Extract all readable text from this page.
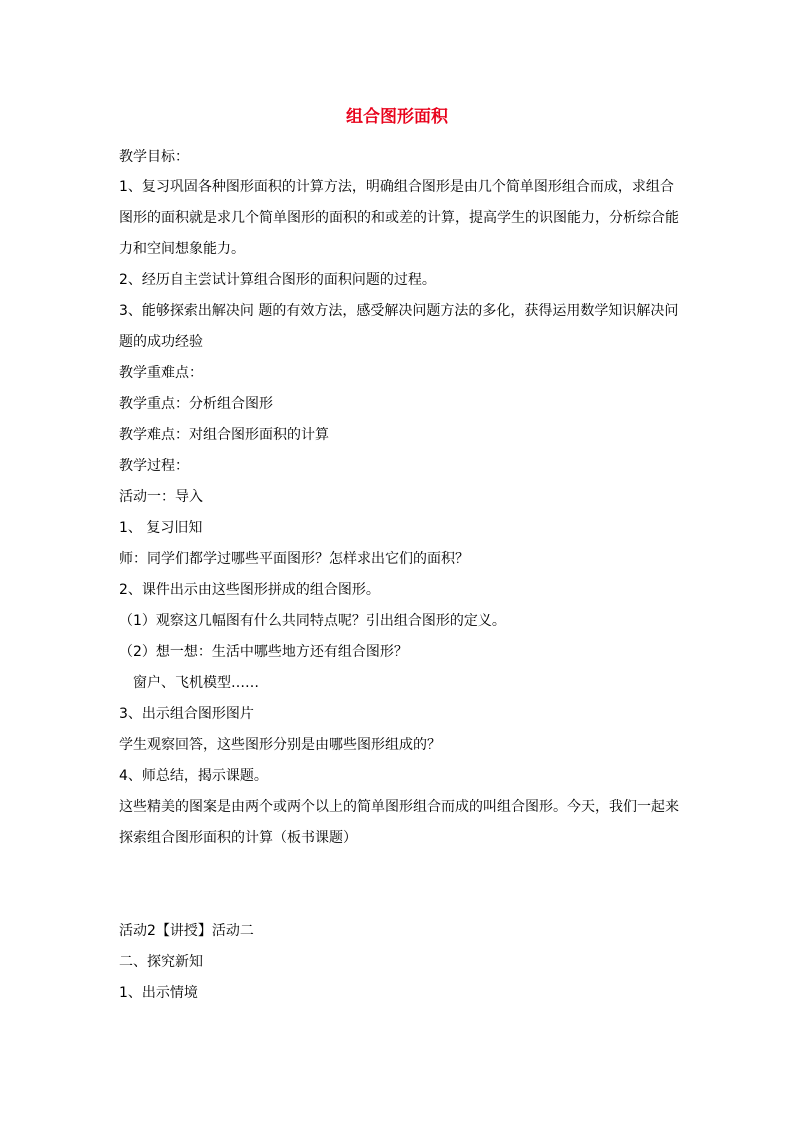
组合图形面积
教学目标：
1、复习巩固各种图形面积的计算方法，明确组合图形是由几个简单图形组合而成，求组合
图形的面积就是求几个简单图形的面积的和或差的计算，提高学生的识图能力，分析综合能
力和空间想象能力。
2、经历自主尝试计算组合图形的面积问题的过程。
3、能够探索出解决问 题的有效方法，感受解决问题方法的多化，获得运用数学知识解决问
题的成功经验
教学重难点：
教学重点：分析组合图形
教学难点：对组合图形面积的计算
教学过程：
活动一：导入
1、 复习旧知
师：同学们都学过哪些平面图形？怎样求出它们的面积？
2、课件出示由这些图形拼成的组合图形。
（1）观察这几幅图有什么共同特点呢？引出组合图形的定义。
（2）想一想：生活中哪些地方还有组合图形？
窗户、飞机模型……
3、出示组合图形图片
学生观察回答，这些图形分别是由哪些图形组成的？
4、师总结，揭示课题。
这些精美的图案是由两个或两个以上的简单图形组合而成的叫组合图形。今天，我们一起来
探索组合图形面积的计算（板书课题）
活动2【讲授】活动二
二、探究新知
1、出示情境
